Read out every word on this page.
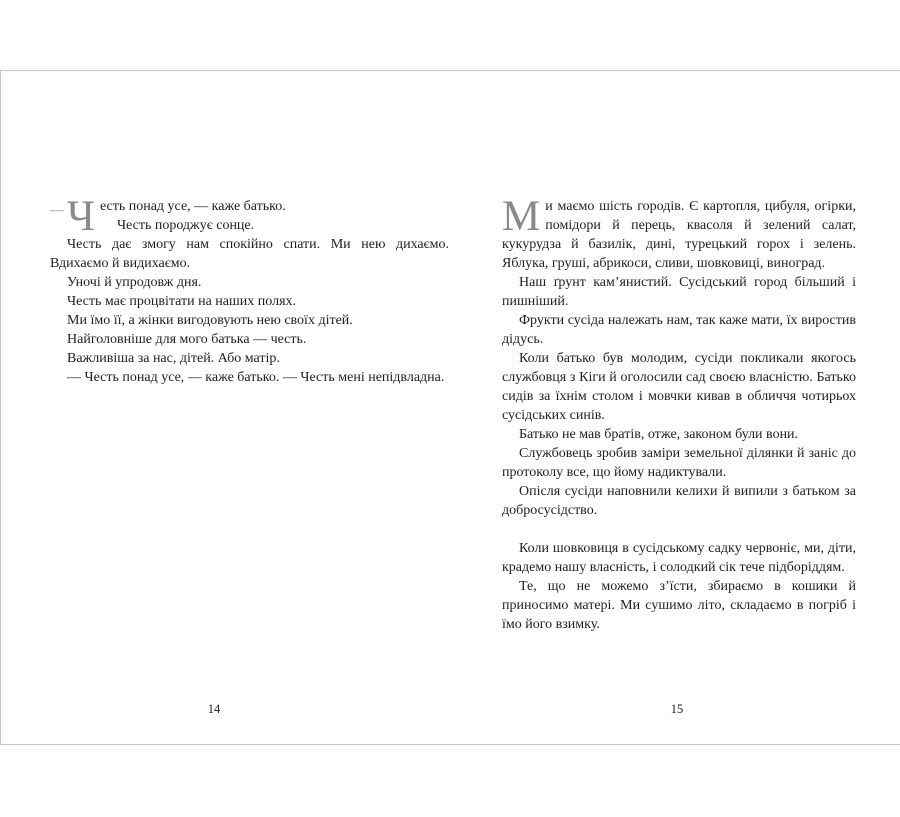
—Ч есть понад усе, — каже батько.

Честь породжує сонце.

Честь дає змогу нам спокійно спати. Ми нею дихаємо. Вдихаємо й видихаємо.

Уночі й упродовж дня.

Честь має процвітати на наших полях.

Ми їмо її, а жінки вигодовують нею своїх дітей.

Найголовніше для мого батька — честь.

Важливіша за нас, дітей. Або матір.

— Честь понад усе, — каже батько. — Честь мені непідвладна.

М и маємо шість городів. Є картопля, цибуля, огірки, помідори й перець, квасоля й зелений салат, кукурудза й базилік, дині, турецький горох і зелень. Яблука, груші, абрикоси, сливи, шовковиці, виноград.

Наш ґрунт кам’янистий. Сусідський город більший і пишніший.

Фрукти сусіда належать нам, так каже мати, їх виростив дідусь.

Коли батько був молодим, сусіди покликали якогось службовця з Кіги й оголосили сад своєю власністю. Батько сидів за їхнім столом і мовчки кивав в обличчя чотирьох сусідських синів.

Батько не мав братів, отже, законом були вони.

Службовець зробив заміри земельної ділянки й заніс до протоколу все, що йому надиктували.

Опісля сусіди наповнили келихи й випили з батьком за добросусідство.

Коли шовковиця в сусідському садку червоніє, ми, діти, крадемо нашу власність, і солодкий сік тече підборіддям.

Те, що не можемо з’їсти, збираємо в кошики й приносимо матері. Ми сушимо літо, складаємо в погріб і їмо його взимку.

14	15
